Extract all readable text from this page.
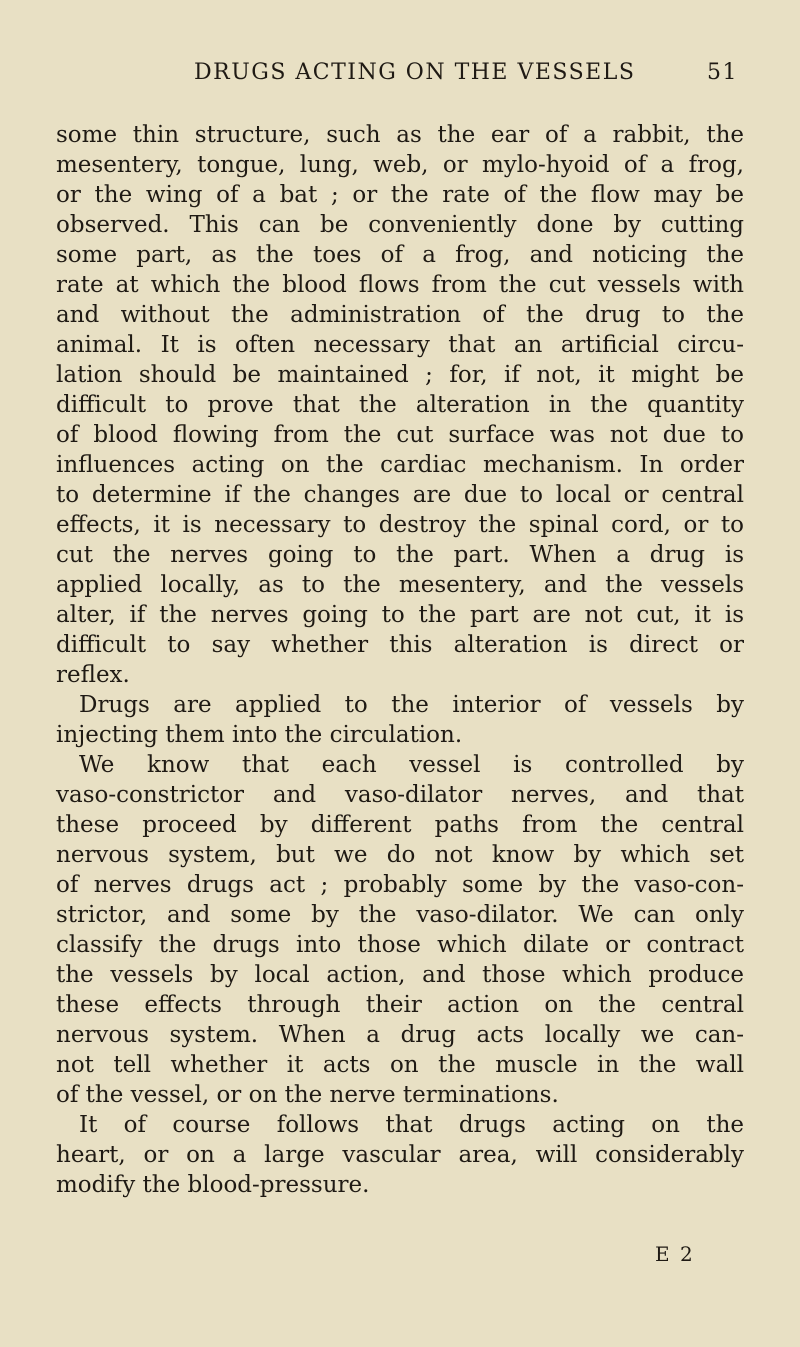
DRUGS ACTING ON THE VESSELS	51
some thin structure, such as the ear of a rabbit, the
mesentery, tongue, lung, web, or mylo-hyoid of a frog,
or the wing of a bat ; or the rate of the flow may be
observed. This can be conveniently done by cutting
some part, as the toes of a frog, and noticing the
rate at which the blood flows from the cut vessels with
and without the administration of the drug to the
animal. It is often necessary that an artificial circu-
lation should be maintained ; for, if not, it might be
difficult to prove that the alteration in the quantity
of blood flowing from the cut surface was not due to
influences acting on the cardiac mechanism. In order
to determine if the changes are due to local or central
effects, it is necessary to destroy the spinal cord, or to
cut the nerves going to the part. When a drug is
applied locally, as to the mesentery, and the vessels
alter, if the nerves going to the part are not cut, it is
difficult to say whether this alteration is direct or
reflex.
Drugs are applied to the interior of vessels by
injecting them into the circulation.
We know that each vessel is controlled by
vaso-constrictor and vaso-dilator nerves, and that
these proceed by different paths from the central
nervous system, but we do not know by which set
of nerves drugs act ; probably some by the vaso-con-
strictor, and some by the vaso-dilator. We can only
classify the drugs into those which dilate or contract
the vessels by local action, and those which produce
these effects through their action on the central
nervous system. When a drug acts locally we can-
not tell whether it acts on the muscle in the wall
of the vessel, or on the nerve terminations.
It of course follows that drugs acting on the
heart, or on a large vascular area, will considerably
modify the blood-pressure.
E 2
